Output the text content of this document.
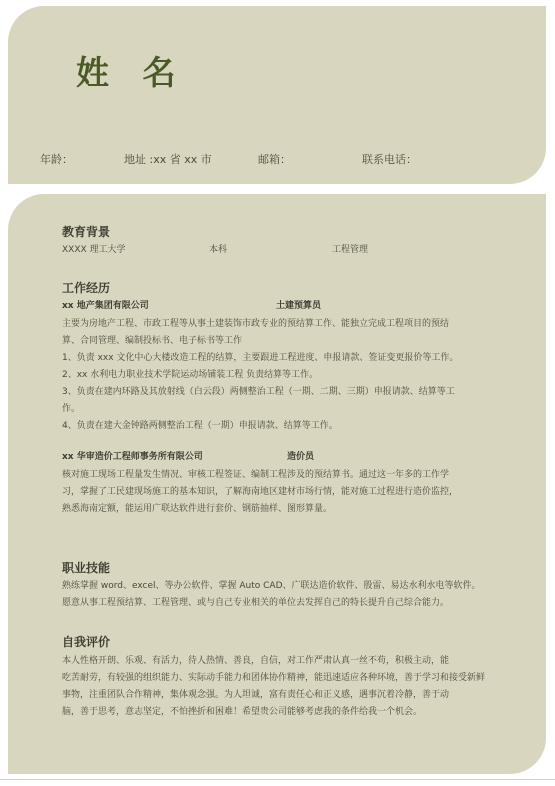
姓 名
年龄：	地址 :xx 省 xx 市	邮箱：	联系电话：
教育背景
XXXX 理工大学	本科	工程管理
工作经历
xx 地产集团有限公司	土建预算员
主要为房地产工程、市政工程等从事土建装饰市政专业的预结算工作、能独立完成工程项目的预结
算、合同管理、编制投标书、电子标书等工作
1、负责 xxx 文化中心大楼改造工程的结算，主要跟进工程进度、申报请款、签证变更报价等工作。
2、xx 水利电力职业技术学院运动场铺装工程 负责结算等工作。
3、负责在建内环路及其放射线（白云段）两侧整治工程（一期、二期、三期）申报请款、结算等工
作。
4、负责在建大金钟路两侧整治工程（一期）申报请款、结算等工作。
xx 华审造价工程师事务所有限公司	造价员
核对施工现场工程量发生情况、审核工程签证、编制工程涉及的预结算书。通过这一年多的工作学
习，掌握了工民建现场施工的基本知识，了解海南地区建材市场行情，能对施工过程进行造价监控，
熟悉海南定额，能运用广联达软件进行套价、钢筋抽样、图形算量。
职业技能
熟练掌握 word、excel、等办公软件、掌握 Auto CAD、广联达造价软件、殷雷、易达水利水电等软件。
愿意从事工程预结算、工程管理、或与自己专业相关的单位去发挥自己的特长提升自己综合能力。
自我评价
本人性格开朗、乐观、有活力，待人热情、善良，自信，对工作严肃认真一丝不苟，积极主动，能
吃苦耐劳，有较强的组织能力、实际动手能力和团体协作精神，能迅速适应各种环境，善于学习和接受新鲜
事物，注重团队合作精神，集体观念强。为人坦诚，富有责任心和正义感，遇事沉着冷静，善于动
脑，善于思考，意志坚定，不怕挫折和困难！希望贵公司能够考虑我的条件给我一个机会。
